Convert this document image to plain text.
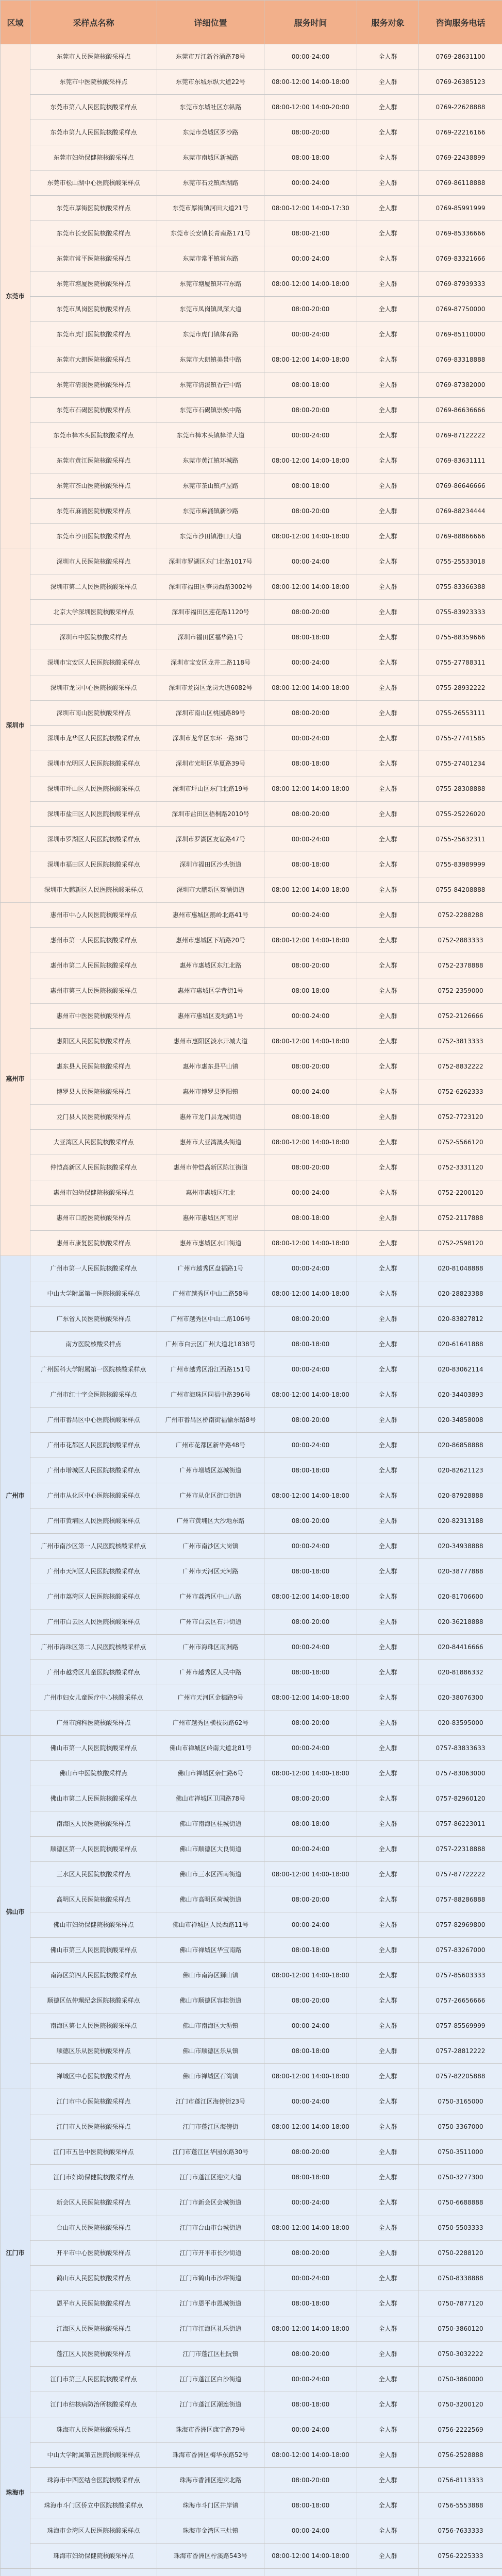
区域	采样点名称	详细位置	服务时间	服务对象	咨询服务电话
东莞市	东莞市人民医院核酸采样点	东莞市万江新谷涌路78号	00:00-24:00	全人群	0769-28631100
	东莞市中医院核酸采样点	东莞市东城东纵大道22号	08:00-12:00 14:00-18:00	全人群	0769-26385123
	东莞市第八人民医院核酸采样点	东莞市东城社区东纵路	08:00-12:00 14:00-20:00	全人群	0769-22628888
	东莞市第九人民医院核酸采样点	东莞市莞城区罗沙路	08:00-20:00	全人群	0769-22216166
	东莞市妇幼保健院核酸采样点	东莞市南城区新城路	08:00-18:00	全人群	0769-22438899
	东莞市松山湖中心医院核酸采样点	东莞市石龙镇西湖路	00:00-24:00	全人群	0769-86118888
	东莞市厚街医院核酸采样点	东莞市厚街镇河田大道21号	08:00-12:00 14:00-17:30	全人群	0769-85991999
	东莞市长安医院核酸采样点	东莞市长安镇长青南路171号	08:00-21:00	全人群	0769-85336666
	东莞市常平医院核酸采样点	东莞市常平镇常东路	00:00-24:00	全人群	0769-83321666
	东莞市塘厦医院核酸采样点	东莞市塘厦镇环市东路	08:00-12:00 14:00-18:00	全人群	0769-87939333
	东莞市凤岗医院核酸采样点	东莞市凤岗镇凤深大道	08:00-20:00	全人群	0769-87750000
	东莞市虎门医院核酸采样点	东莞市虎门镇体育路	00:00-24:00	全人群	0769-85110000
	东莞市大朗医院核酸采样点	东莞市大朗镇美景中路	08:00-12:00 14:00-18:00	全人群	0769-83318888
	东莞市清溪医院核酸采样点	东莞市清溪镇香芒中路	08:00-18:00	全人群	0769-87382000
	东莞市石碣医院核酸采样点	东莞市石碣镇崇焕中路	08:00-20:00	全人群	0769-86636666
	东莞市樟木头医院核酸采样点	东莞市樟木头镇樟洋大道	00:00-24:00	全人群	0769-87122222
	东莞市黄江医院核酸采样点	东莞市黄江镇环城路	08:00-12:00 14:00-18:00	全人群	0769-83631111
	东莞市茶山医院核酸采样点	东莞市茶山镇卢屋路	08:00-18:00	全人群	0769-86646666
	东莞市麻涌医院核酸采样点	东莞市麻涌镇新沙路	08:00-20:00	全人群	0769-88234444
	东莞市沙田医院核酸采样点	东莞市沙田镇港口大道	08:00-12:00 14:00-18:00	全人群	0769-88866666
深圳市	深圳市人民医院核酸采样点	深圳市罗湖区东门北路1017号	00:00-24:00	全人群	0755-25533018
	深圳市第二人民医院核酸采样点	深圳市福田区笋岗西路3002号	08:00-12:00 14:00-18:00	全人群	0755-83366388
	北京大学深圳医院核酸采样点	深圳市福田区莲花路1120号	08:00-20:00	全人群	0755-83923333
	深圳市中医院核酸采样点	深圳市福田区福华路1号	08:00-18:00	全人群	0755-88359666
	深圳市宝安区人民医院核酸采样点	深圳市宝安区龙井二路118号	00:00-24:00	全人群	0755-27788311
	深圳市龙岗中心医院核酸采样点	深圳市龙岗区龙岗大道6082号	08:00-12:00 14:00-18:00	全人群	0755-28932222
	深圳市南山医院核酸采样点	深圳市南山区桃园路89号	08:00-20:00	全人群	0755-26553111
	深圳市龙华区人民医院核酸采样点	深圳市龙华区东环一路38号	00:00-24:00	全人群	0755-27741585
	深圳市光明区人民医院核酸采样点	深圳市光明区华夏路39号	08:00-18:00	全人群	0755-27401234
	深圳市坪山区人民医院核酸采样点	深圳市坪山区东门北路19号	08:00-12:00 14:00-18:00	全人群	0755-28308888
	深圳市盐田区人民医院核酸采样点	深圳市盐田区梧桐路2010号	08:00-20:00	全人群	0755-25226020
	深圳市罗湖区人民医院核酸采样点	深圳市罗湖区友谊路47号	00:00-24:00	全人群	0755-25632311
	深圳市福田区人民医院核酸采样点	深圳市福田区沙头街道	08:00-18:00	全人群	0755-83989999
	深圳市大鹏新区人民医院核酸采样点	深圳市大鹏新区葵涌街道	08:00-12:00 14:00-18:00	全人群	0755-84208888
惠州市	惠州市中心人民医院核酸采样点	惠州市惠城区鹅岭北路41号	00:00-24:00	全人群	0752-2288288
	惠州市第一人民医院核酸采样点	惠州市惠城区下埔路20号	08:00-12:00 14:00-18:00	全人群	0752-2883333
	惠州市第二人民医院核酸采样点	惠州市惠城区东江北路	08:00-20:00	全人群	0752-2378888
	惠州市第三人民医院核酸采样点	惠州市惠城区学背街1号	08:00-18:00	全人群	0752-2359000
	惠州市中医医院核酸采样点	惠州市惠城区麦地路1号	00:00-24:00	全人群	0752-2126666
	惠阳区人民医院核酸采样点	惠州市惠阳区淡水开城大道	08:00-12:00 14:00-18:00	全人群	0752-3813333
	惠东县人民医院核酸采样点	惠州市惠东县平山镇	08:00-20:00	全人群	0752-8832222
	博罗县人民医院核酸采样点	惠州市博罗县罗阳镇	00:00-24:00	全人群	0752-6262333
	龙门县人民医院核酸采样点	惠州市龙门县龙城街道	08:00-18:00	全人群	0752-7723120
	大亚湾区人民医院核酸采样点	惠州市大亚湾澳头街道	08:00-12:00 14:00-18:00	全人群	0752-5566120
	仲恺高新区人民医院核酸采样点	惠州市仲恺高新区陈江街道	08:00-20:00	全人群	0752-3331120
	惠州市妇幼保健院核酸采样点	惠州市惠城区江北	00:00-24:00	全人群	0752-2200120
	惠州市口腔医院核酸采样点	惠州市惠城区河南岸	08:00-18:00	全人群	0752-2117888
	惠州市康复医院核酸采样点	惠州市惠城区水口街道	08:00-12:00 14:00-18:00	全人群	0752-2598120
广州市	广州市第一人民医院核酸采样点	广州市越秀区盘福路1号	00:00-24:00	全人群	020-81048888
	中山大学附属第一医院核酸采样点	广州市越秀区中山二路58号	08:00-12:00 14:00-18:00	全人群	020-28823388
	广东省人民医院核酸采样点	广州市越秀区中山二路106号	08:00-20:00	全人群	020-83827812
	南方医院核酸采样点	广州市白云区广州大道北1838号	08:00-18:00	全人群	020-61641888
	广州医科大学附属第一医院核酸采样点	广州市越秀区沿江西路151号	00:00-24:00	全人群	020-83062114
	广州市红十字会医院核酸采样点	广州市海珠区同福中路396号	08:00-12:00 14:00-18:00	全人群	020-34403893
	广州市番禺区中心医院核酸采样点	广州市番禺区桥南街福愉东路8号	08:00-20:00	全人群	020-34858008
	广州市花都区人民医院核酸采样点	广州市花都区新华路48号	00:00-24:00	全人群	020-86858888
	广州市增城区人民医院核酸采样点	广州市增城区荔城街道	08:00-18:00	全人群	020-82621123
	广州市从化区中心医院核酸采样点	广州市从化区街口街道	08:00-12:00 14:00-18:00	全人群	020-87928888
	广州市黄埔区人民医院核酸采样点	广州市黄埔区大沙地东路	08:00-20:00	全人群	020-82313188
	广州市南沙区第一人民医院核酸采样点	广州市南沙区大岗镇	00:00-24:00	全人群	020-34938888
	广州市天河区人民医院核酸采样点	广州市天河区天河路	08:00-18:00	全人群	020-38777888
	广州市荔湾区人民医院核酸采样点	广州市荔湾区中山八路	08:00-12:00 14:00-18:00	全人群	020-81706600
	广州市白云区人民医院核酸采样点	广州市白云区石井街道	08:00-20:00	全人群	020-36218888
	广州市海珠区第二人民医院核酸采样点	广州市海珠区南洲路	00:00-24:00	全人群	020-84416666
	广州市越秀区儿童医院核酸采样点	广州市越秀区人民中路	08:00-18:00	全人群	020-81886332
	广州市妇女儿童医疗中心核酸采样点	广州市天河区金穗路9号	08:00-12:00 14:00-18:00	全人群	020-38076300
	广州市胸科医院核酸采样点	广州市越秀区横枝岗路62号	08:00-20:00	全人群	020-83595000
佛山市	佛山市第一人民医院核酸采样点	佛山市禅城区岭南大道北81号	00:00-24:00	全人群	0757-83833633
	佛山市中医院核酸采样点	佛山市禅城区亲仁路6号	08:00-12:00 14:00-18:00	全人群	0757-83063000
	佛山市第二人民医院核酸采样点	佛山市禅城区卫国路78号	08:00-20:00	全人群	0757-82960120
	南海区人民医院核酸采样点	佛山市南海区桂城街道	08:00-18:00	全人群	0757-86223011
	顺德区第一人民医院核酸采样点	佛山市顺德区大良街道	00:00-24:00	全人群	0757-22318888
	三水区人民医院核酸采样点	佛山市三水区西南街道	08:00-12:00 14:00-18:00	全人群	0757-87722222
	高明区人民医院核酸采样点	佛山市高明区荷城街道	08:00-20:00	全人群	0757-88286888
	佛山市妇幼保健院核酸采样点	佛山市禅城区人民西路11号	00:00-24:00	全人群	0757-82969800
	佛山市第三人民医院核酸采样点	佛山市禅城区华宝南路	08:00-18:00	全人群	0757-83267000
	南海区第四人民医院核酸采样点	佛山市南海区狮山镇	08:00-12:00 14:00-18:00	全人群	0757-85603333
	顺德区伍仲珮纪念医院核酸采样点	佛山市顺德区容桂街道	08:00-20:00	全人群	0757-26656666
	南海区第七人民医院核酸采样点	佛山市南海区大沥镇	00:00-24:00	全人群	0757-85569999
	顺德区乐从医院核酸采样点	佛山市顺德区乐从镇	08:00-18:00	全人群	0757-28812222
	禅城区中心医院核酸采样点	佛山市禅城区石湾镇	08:00-12:00 14:00-18:00	全人群	0757-82205888
江门市	江门市中心医院核酸采样点	江门市蓬江区海傍街23号	00:00-24:00	全人群	0750-3165000
	江门市人民医院核酸采样点	江门市蓬江区海傍街	08:00-12:00 14:00-18:00	全人群	0750-3367000
	江门市五邑中医院核酸采样点	江门市蓬江区华园东路30号	08:00-20:00	全人群	0750-3511000
	江门市妇幼保健院核酸采样点	江门市蓬江区迎宾大道	08:00-18:00	全人群	0750-3277300
	新会区人民医院核酸采样点	江门市新会区会城街道	00:00-24:00	全人群	0750-6688888
	台山市人民医院核酸采样点	江门市台山市台城街道	08:00-12:00 14:00-18:00	全人群	0750-5503333
	开平市中心医院核酸采样点	江门市开平市长沙街道	08:00-20:00	全人群	0750-2288120
	鹤山市人民医院核酸采样点	江门市鹤山市沙坪街道	00:00-24:00	全人群	0750-8338888
	恩平市人民医院核酸采样点	江门市恩平市恩城街道	08:00-18:00	全人群	0750-7877120
	江海区人民医院核酸采样点	江门市江海区礼乐街道	08:00-12:00 14:00-18:00	全人群	0750-3860120
	蓬江区人民医院核酸采样点	江门市蓬江区杜阮镇	08:00-20:00	全人群	0750-3032222
	江门市第三人民医院核酸采样点	江门市蓬江区白沙街道	00:00-24:00	全人群	0750-3860000
	江门市结核病防治所核酸采样点	江门市蓬江区潮连街道	08:00-18:00	全人群	0750-3200120
珠海市	珠海市人民医院核酸采样点	珠海市香洲区康宁路79号	00:00-24:00	全人群	0756-2222569
	中山大学附属第五医院核酸采样点	珠海市香洲区梅华东路52号	08:00-12:00 14:00-18:00	全人群	0756-2528888
	珠海市中西医结合医院核酸采样点	珠海市香洲区迎宾北路	08:00-20:00	全人群	0756-8113333
	珠海市斗门区侨立中医院核酸采样点	珠海市斗门区井岸镇	08:00-18:00	全人群	0756-5553888
	珠海市金湾区人民医院核酸采样点	珠海市金湾区三灶镇	00:00-24:00	全人群	0756-7633333
	珠海市妇幼保健院核酸采样点	珠海市香洲区柠溪路543号	08:00-12:00 14:00-18:00	全人群	0756-2225333
